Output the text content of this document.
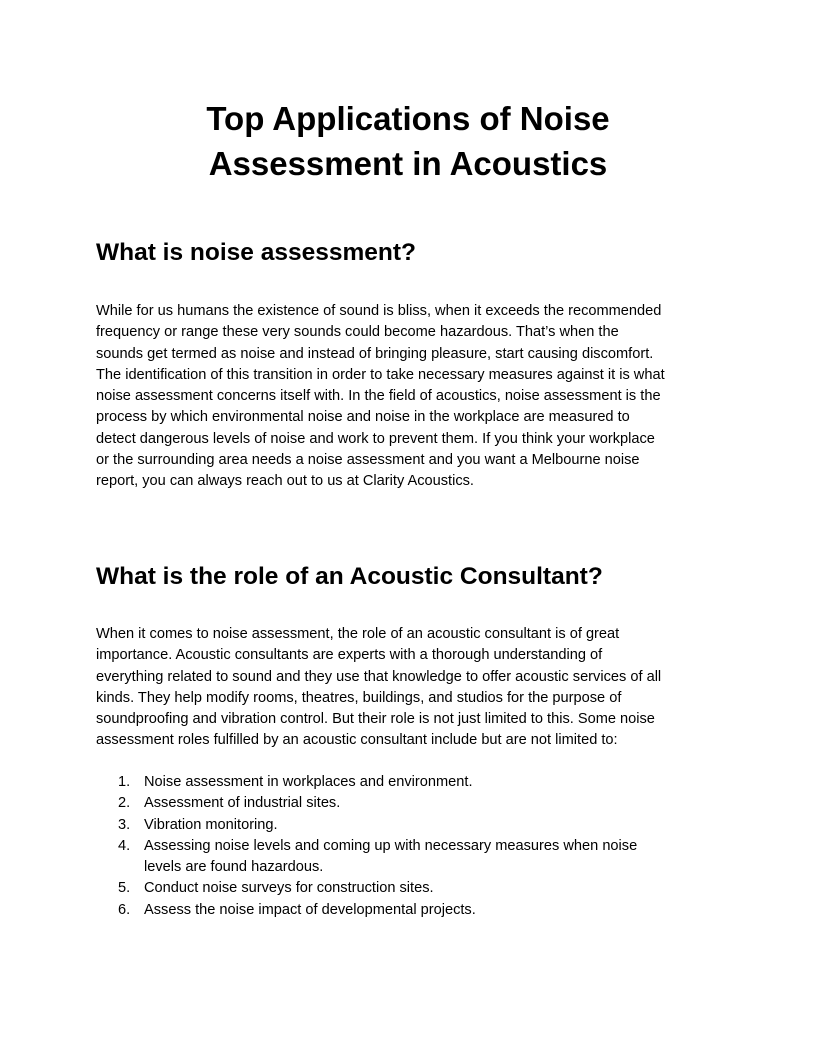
Top Applications of Noise
Assessment in Acoustics
What is noise assessment?

While for us humans the existence of sound is bliss, when it exceeds the recommended
frequency or range these very sounds could become hazardous. That’s when the
sounds get termed as noise and instead of bringing pleasure, start causing discomfort.
The identification of this transition in order to take necessary measures against it is what
noise assessment concerns itself with. In the field of acoustics, noise assessment is the
process by which environmental noise and noise in the workplace are measured to
detect dangerous levels of noise and work to prevent them. If you think your workplace
or the surrounding area needs a noise assessment and you want a Melbourne noise
report, you can always reach out to us at Clarity Acoustics.

What is the role of an Acoustic Consultant?

When it comes to noise assessment, the role of an acoustic consultant is of great
importance. Acoustic consultants are experts with a thorough understanding of
everything related to sound and they use that knowledge to offer acoustic services of all
kinds. They help modify rooms, theatres, buildings, and studios for the purpose of
soundproofing and vibration control. But their role is not just limited to this. Some noise
assessment roles fulfilled by an acoustic consultant include but are not limited to:

1. Noise assessment in workplaces and environment.
2. Assessment of industrial sites.
3. Vibration monitoring.
4. Assessing noise levels and coming up with necessary measures when noise
levels are found hazardous.
5. Conduct noise surveys for construction sites.
6. Assess the noise impact of developmental projects.
